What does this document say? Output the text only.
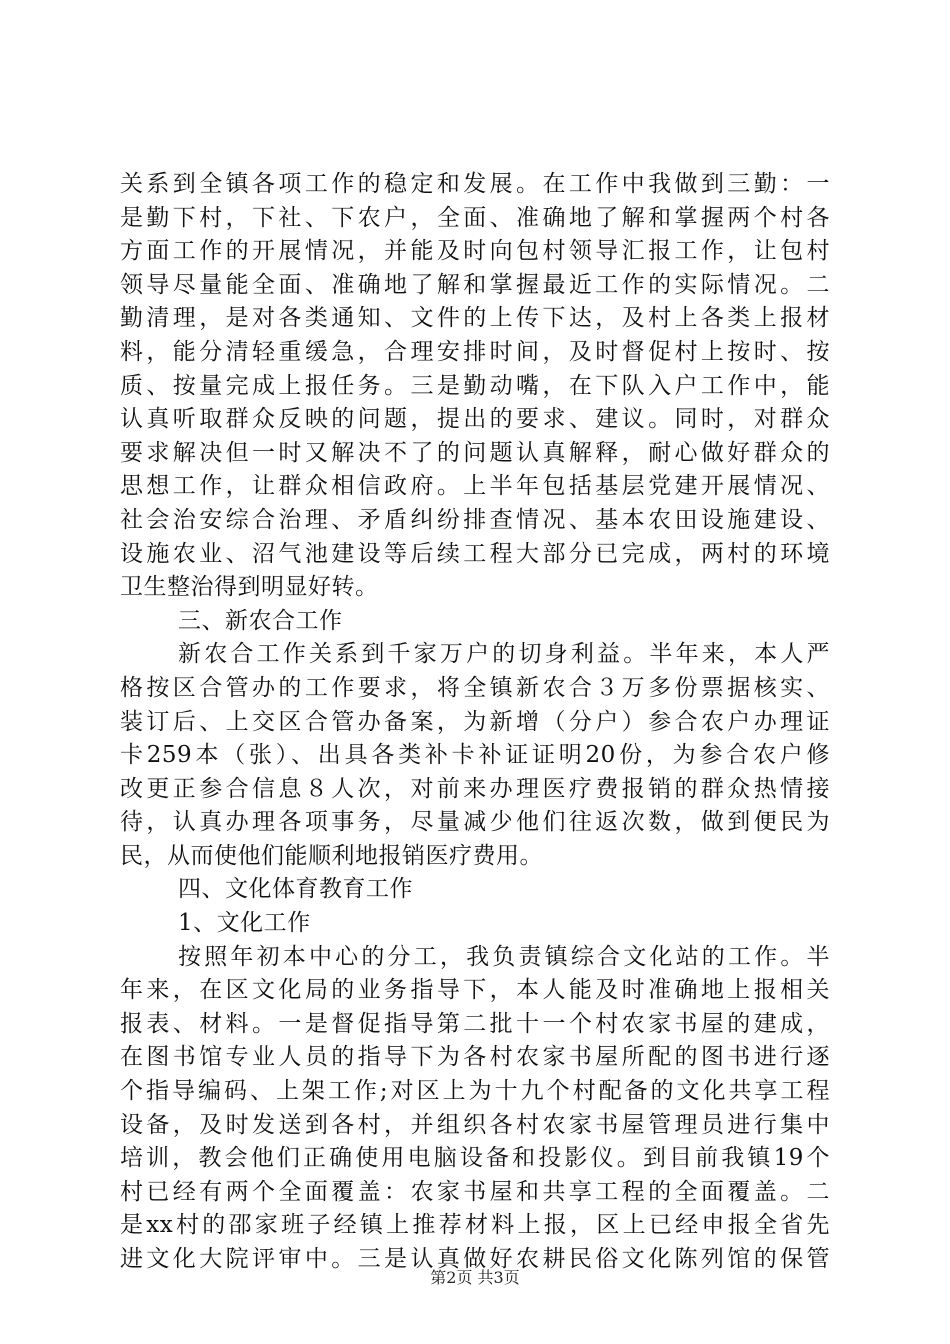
关系到全镇各项工作的稳定和发展。在工作中我做到三勤：一
是勤下村，下社、下农户，全面、准确地了解和掌握两个村各
方面工作的开展情况，并能及时向包村领导汇报工作，让包村
领导尽量能全面、准确地了解和掌握最近工作的实际情况。二
勤清理，是对各类通知、文件的上传下达，及村上各类上报材
料，能分清轻重缓急，合理安排时间，及时督促村上按时、按
质、按量完成上报任务。三是勤动嘴，在下队入户工作中，能
认真听取群众反映的问题，提出的要求、建议。同时，对群众
要求解决但一时又解决不了的问题认真解释，耐心做好群众的
思想工作，让群众相信政府。上半年包括基层党建开展情况、
社会治安综合治理、矛盾纠纷排查情况、基本农田设施建设、
设施农业、沼气池建设等后续工程大部分已完成，两村的环境
卫生整治得到明显好转。
三、新农合工作
新农合工作关系到千家万户的切身利益。半年来，本人严
格按区合管办的工作要求，将全镇新农合３万多份票据核实、
装订后、上交区合管办备案，为新增（分户）参合农户办理证
卡259本（张）、出具各类补卡补证证明20份，为参合农户修
改更正参合信息８人次，对前来办理医疗费报销的群众热情接
待，认真办理各项事务，尽量减少他们往返次数，做到便民为
民，从而使他们能顺利地报销医疗费用。
四、文化体育教育工作
1、文化工作
按照年初本中心的分工，我负责镇综合文化站的工作。半
年来，在区文化局的业务指导下，本人能及时准确地上报相关
报表、材料。一是督促指导第二批十一个村农家书屋的建成，
在图书馆专业人员的指导下为各村农家书屋所配的图书进行逐
个指导编码、上架工作;对区上为十九个村配备的文化共享工程
设备，及时发送到各村，并组织各村农家书屋管理员进行集中
培训，教会他们正确使用电脑设备和投影仪。到目前我镇19个
村已经有两个全面覆盖：农家书屋和共享工程的全面覆盖。二
是xx村的邵家班子经镇上推荐材料上报，区上已经申报全省先
进文化大院评审中。三是认真做好农耕民俗文化陈列馆的保管
第2页 共3页
